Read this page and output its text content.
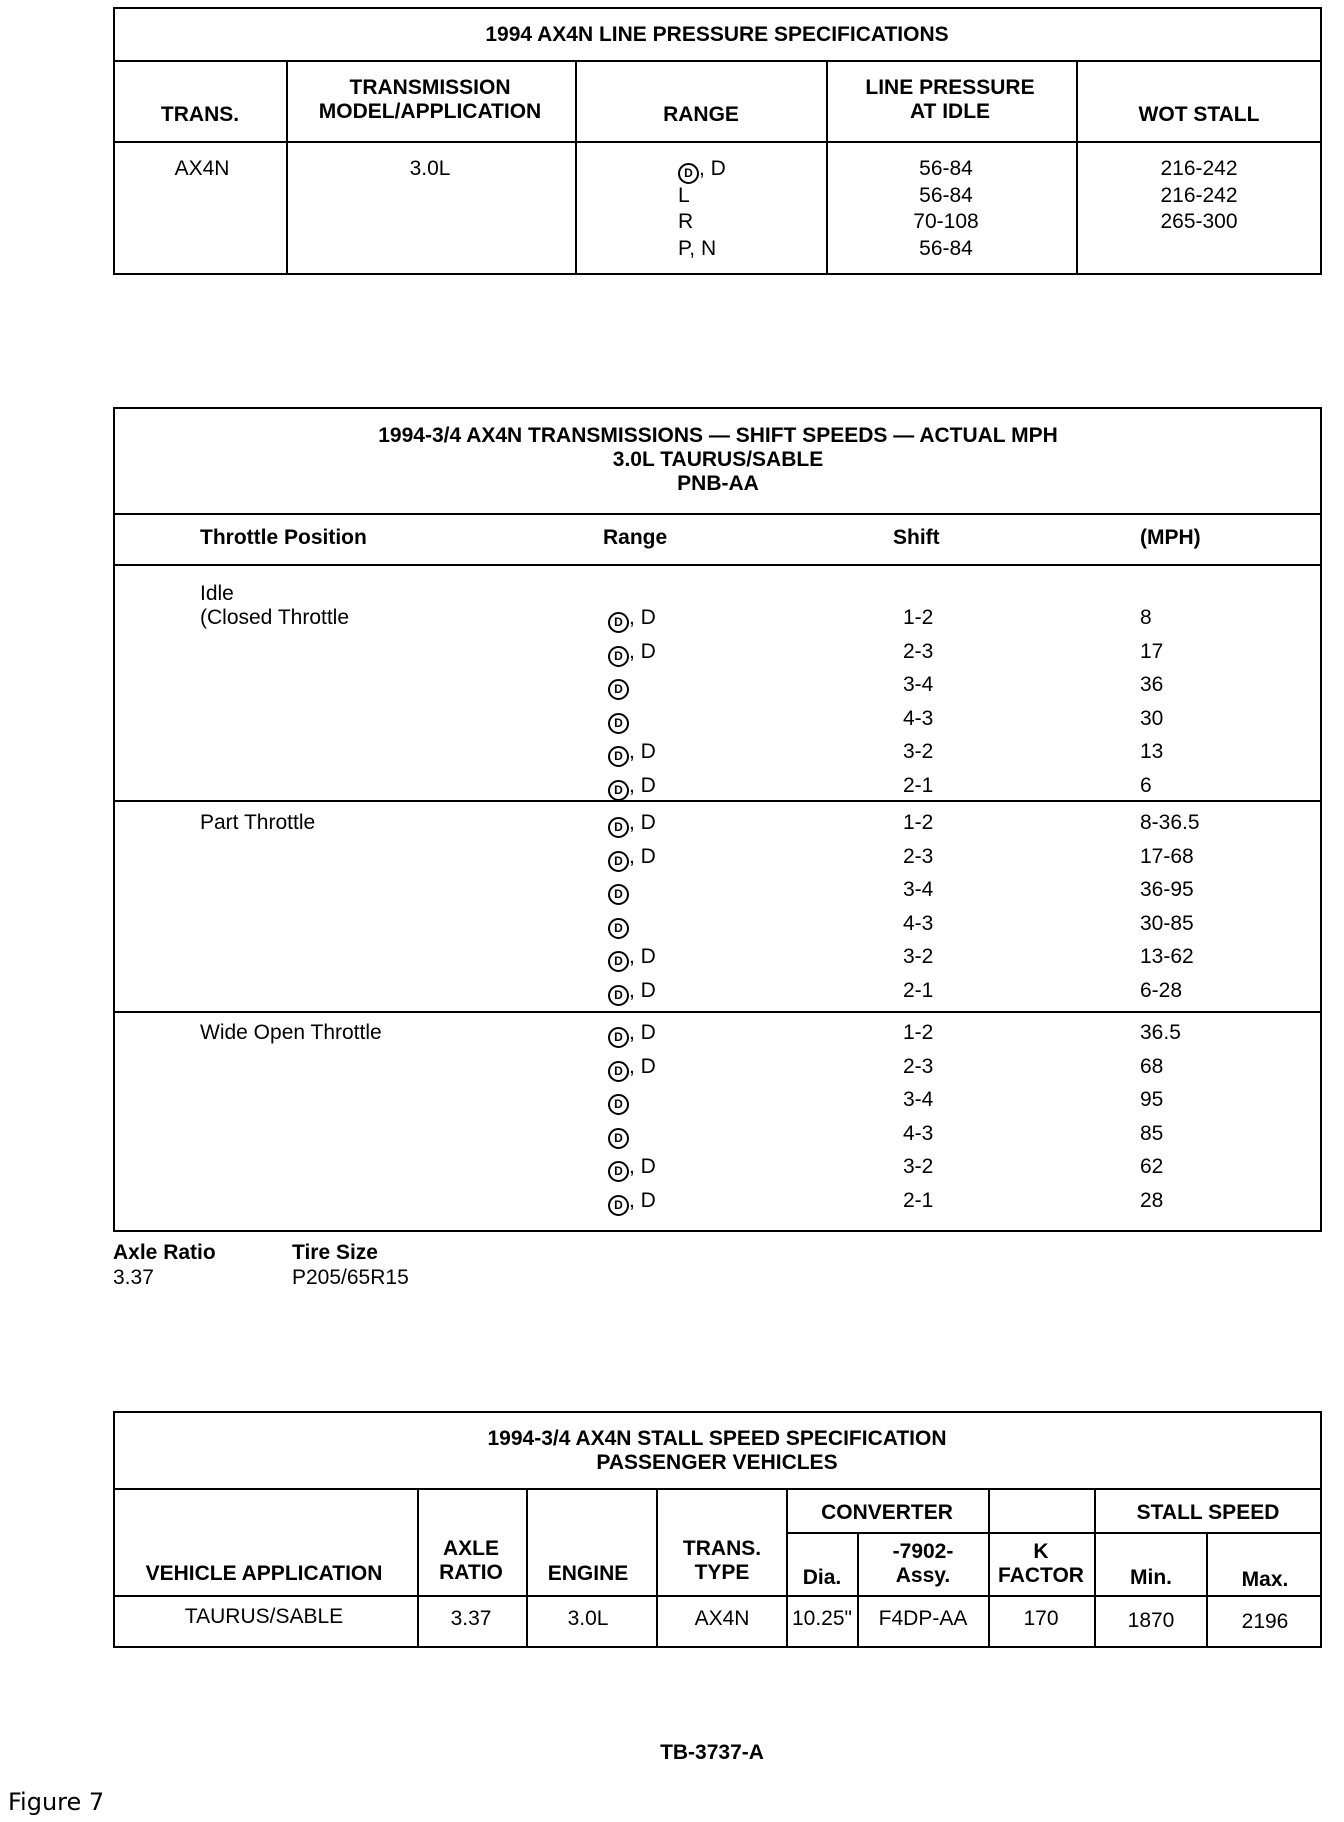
1994 AX4N LINE PRESSURE SPECIFICATIONS
TRANS.
TRANSMISSION
MODEL/APPLICATION	RANGE
LINE PRESSURE
AT IDLE	WOT STALL
AX4N	3.0L	D , D	56-84	216-242
L	56-84	216-242
R	70-108	265-300
P, N	56-84
1994-3/4 AX4N TRANSMISSIONS — SHIFT SPEEDS — ACTUAL MPH
3.0L TAURUS/SABLE
PNB-AA
Throttle Position	Range	Shift	(MPH)
Idle
(Closed Throttle	D , D	1-2	8
D , D	2-3	17
D	3-4	36
D	4-3	30
D , D	3-2	13
D , D	2-1	6
Part Throttle	D , D	1-2	8-36.5
D , D	2-3	17-68
D	3-4	36-95
D	4-3	30-85
D , D	3-2	13-62
D , D	2-1	6-28
Wide Open Throttle	D , D	1-2	36.5
D , D	2-3	68
D	3-4	95
D	4-3	85
D , D	3-2	62
D , D	2-1	28
Axle Ratio
3.37
Tire Size
P205/65R15
1994-3/4 AX4N STALL SPEED SPECIFICATION
PASSENGER VEHICLES
VEHICLE APPLICATION
AXLE
RATIO ENGINE
TRANS.
TYPE
CONVERTER
Dia.
-7902-
Assy.
K
FACTOR
STALL SPEED
Min.	Max.
TAURUS/SABLE	3.37	3.0L	AX4N 10.25" F4DP-AA	170	1870	2196
TB-3737-A
Figure 7
